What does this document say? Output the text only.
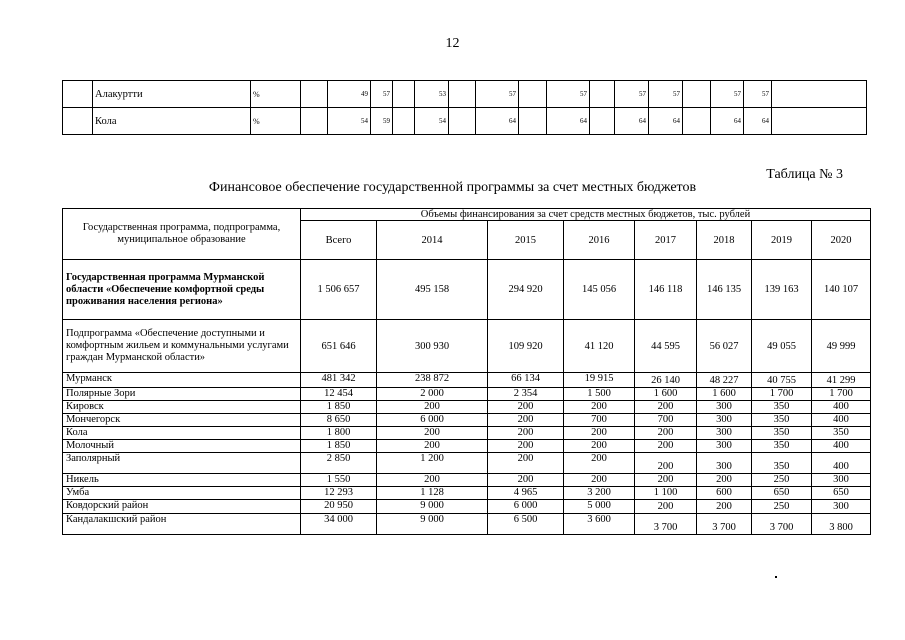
12
	Алакуртти	%		49	57		53		57		57		57	57		57	57	
	Кола	%		54	59		54		64		64		64	64		64	64	
Таблица № 3
Финансовое обеспечение государственной программы за счет местных бюджетов
Государственная программа, подпрограмма, муниципальное образование	Объемы финансирования за счет средств местных бюджетов, тыс. рублей							
	Всего	2014	2015	2016	2017	2018	2019	2020
Государственная программа Мурманской области «Обеспечение комфортной среды проживания населения региона»	1 506 657	495 158	294 920	145 056	146 118	146 135	139 163	140 107
Подпрограмма «Обеспечение доступными и комфортным жильем и коммунальными услугами граждан Мурманской области»	651 646	300 930	109 920	41 120	44 595	56 027	49 055	49 999
Мурманск	481 342	238 872	66 134	19 915	26 140	48 227	40 755	41 299
Полярные Зори	12 454	2 000	2 354	1 500	1 600	1 600	1 700	1 700
Кировск	1 850	200	200	200	200	300	350	400
Мончегорск	8 650	6 000	200	700	700	300	350	400
Кола	1 800	200	200	200	200	300	350	350
Молочный	1 850	200	200	200	200	300	350	400
Заполярный	2 850	1 200	200	200	200	300	350	400
Никель	1 550	200	200	200	200	200	250	300
Умба	12 293	1 128	4 965	3 200	1 100	600	650	650
Ковдорский район	20 950	9 000	6 000	5 000	200	200	250	300
Кандалакшский район	34 000	9 000	6 500	3 600	3 700	3 700	3 700	3 800
